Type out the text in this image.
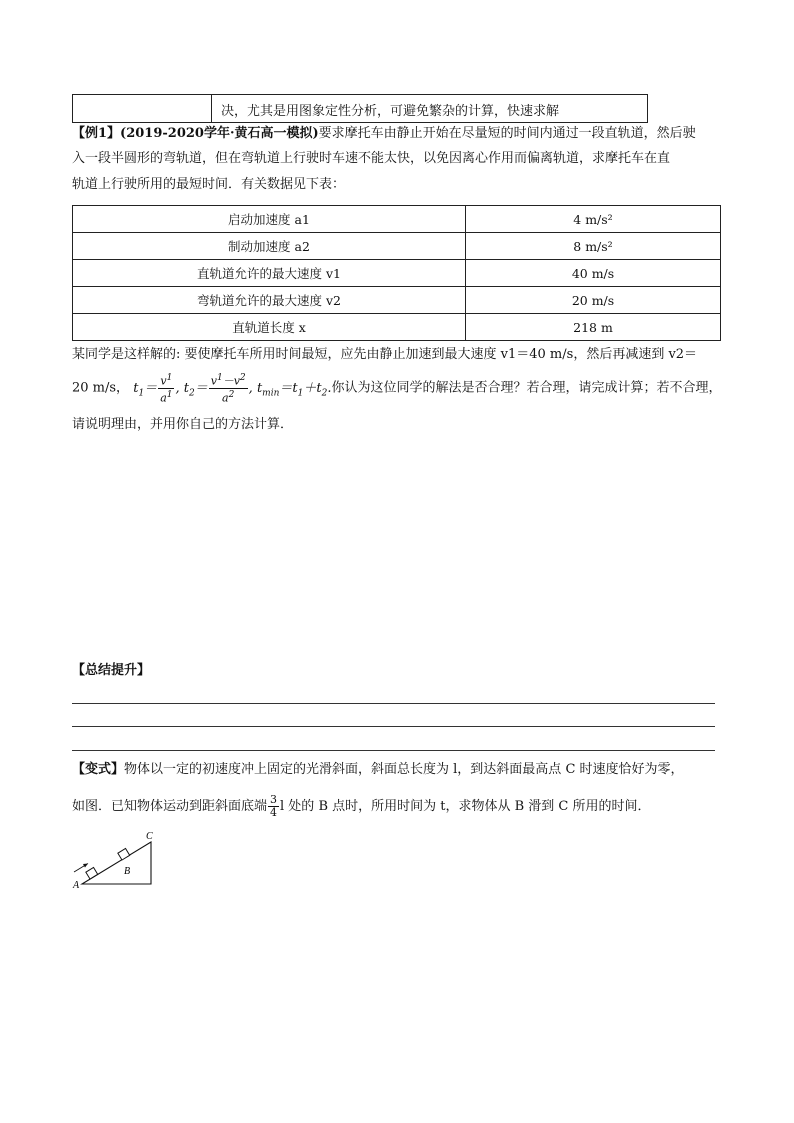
决，尤其是用图象定性分析，可避免繁杂的计算，快速求解
【例1】(2019-2020学年·黄石高一模拟)要求摩托车由静止开始在尽量短的时间内通过一段直轨道，然后驶
入一段半圆形的弯轨道，但在弯轨道上行驶时车速不能太快，以免因离心作用而偏离轨道，求摩托车在直
轨道上行驶所用的最短时间．有关数据见下表：
启动加速度 a1	4 m/s²
制动加速度 a2	8 m/s²
直轨道允许的最大速度 v1	40 m/s
弯轨道允许的最大速度 v2	20 m/s
直轨道长度 x	218 m
某同学是这样解的: 要使摩托车所用时间最短，应先由静止加速到最大速度 v1＝40 m/s，然后再减速到 v2＝
20 m/s， $t_1= \frac{v^1}{a^1}$ , $t_2= \frac{v^1-v^2}{a^2}$ , $t_{min}=t_1+t_2$.你认为这位同学的解法是否合理？若合理，请完成计算；若不合理，
请说明理由，并用你自己的方法计算．
【总结提升】
【变式】物体以一定的初速度冲上固定的光滑斜面，斜面总长度为 l，到达斜面最高点 C 时速度恰好为零，
如图．已知物体运动到距斜面底端 $\frac{3}{4}$ l 处的 B 点时，所用时间为 t，求物体从 B 滑到 C 所用的时间．
A
B
C
